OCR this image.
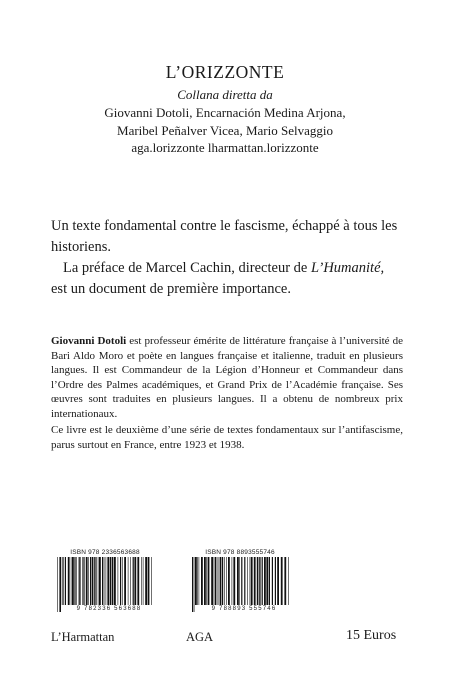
L’ORIZZONTE
Collana diretta da
Giovanni Dotoli, Encarnación Medina Arjona,
Maribel Peñalver Vicea, Mario Selvaggio
aga.lorizzonte lharmattan.lorizzonte

Un texte fondamental contre le fascisme, échappé à tous les historiens.

La préface de Marcel Cachin, directeur de L’Humanité, est un document de première importance.

Giovanni Dotoli est professeur émérite de littérature française à l’université de Bari Aldo Moro et poète en langues française et italienne, traduit en plusieurs langues. Il est Commandeur de la Légion d’Honneur et Commandeur dans l’Ordre des Palmes académiques, et Grand Prix de l’Académie française. Ses œuvres sont traduites en plusieurs langues. Il a obtenu de nombreux prix internationaux.

Ce livre est le deuxième d’une série de textes fondamentaux sur l’antifascisme, parus surtout en France, entre 1923 et 1938.

ISBN 978 2336563688
9 782336 563688
L’Harmattan
ISBN 978 8893555746
9 788893 555746
AGA	15 Euros
